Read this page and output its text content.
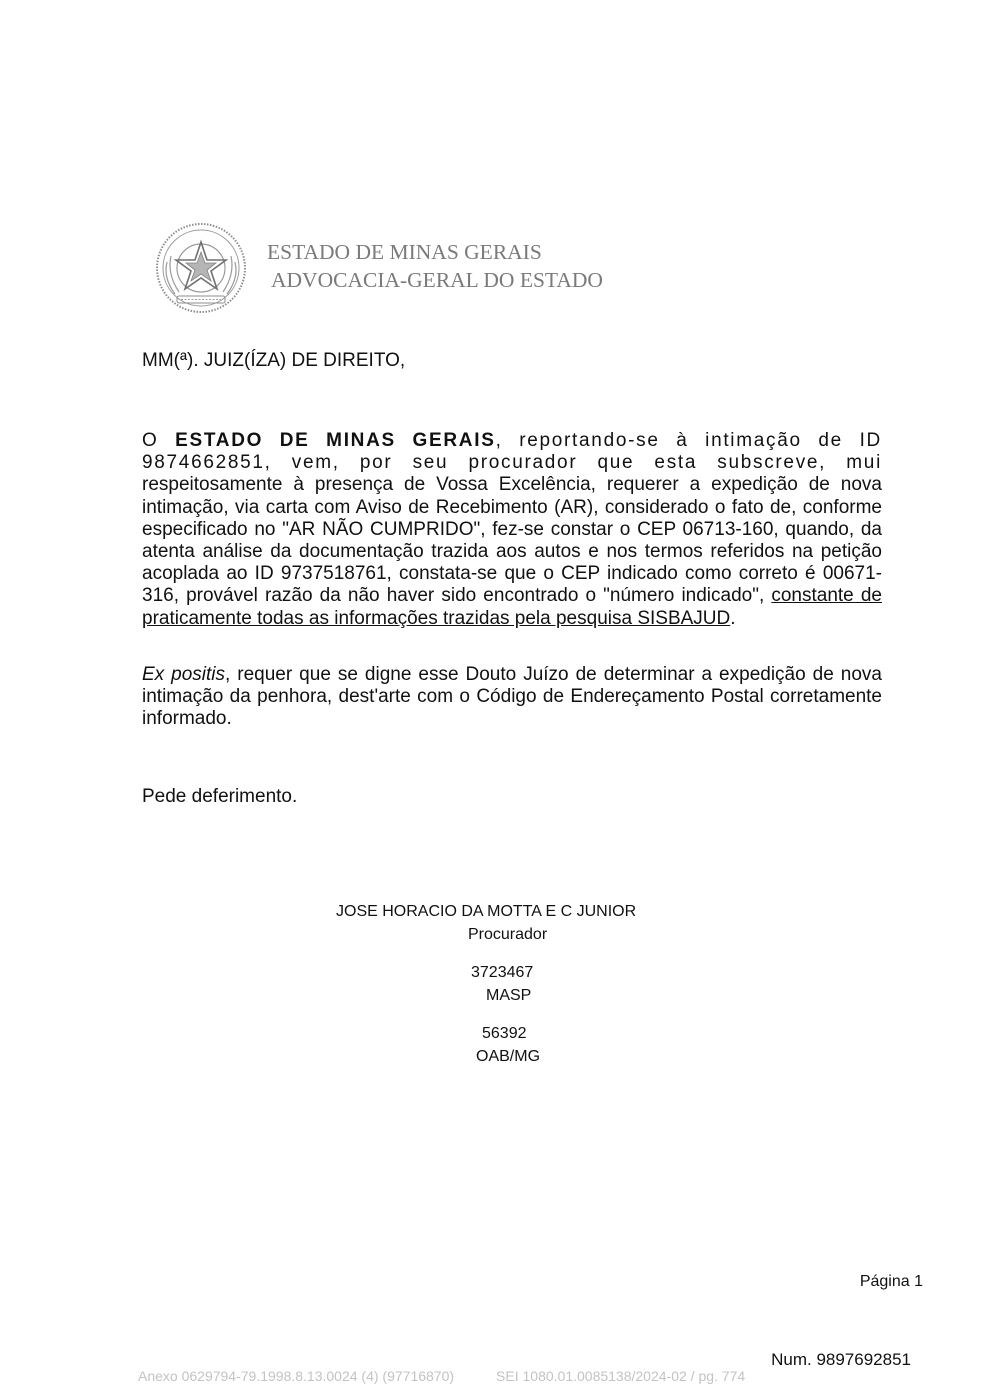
ESTADO DE MINAS GERAIS
ADVOCACIA-GERAL DO ESTADO
MM(ª). JUIZ(ÍZA) DE DIREITO,
O ESTADO DE MINAS GERAIS, reportando-se à intimação de ID 9874662851, vem, por seu procurador que esta subscreve, mui respeitosamente à presença de Vossa Excelência, requerer a expedição de nova intimação, via carta com Aviso de Recebimento (AR), considerado o fato de, conforme especificado no "AR NÃO CUMPRIDO", fez-se constar o CEP 06713-160, quando, da atenta análise da documentação trazida aos autos e nos termos referidos na petição acoplada ao ID 9737518761, constata-se que o CEP indicado como correto é 00671-316, provável razão da não haver sido encontrado o "número indicado", constante de praticamente todas as informações trazidas pela pesquisa SISBAJUD.
Ex positis, requer que se digne esse Douto Juízo de determinar a expedição de nova intimação da penhora, dest'arte com o Código de Endereçamento Postal corretamente informado.
Pede deferimento.
JOSE HORACIO DA MOTTA E C JUNIOR
Procurador
3723467
MASP
56392
OAB/MG
Página 1
Num. 9897692851
Anexo 0629794-79.1998.8.13.0024 (4) (97716870)	SEI 1080.01.0085138/2024-02 / pg. 774
